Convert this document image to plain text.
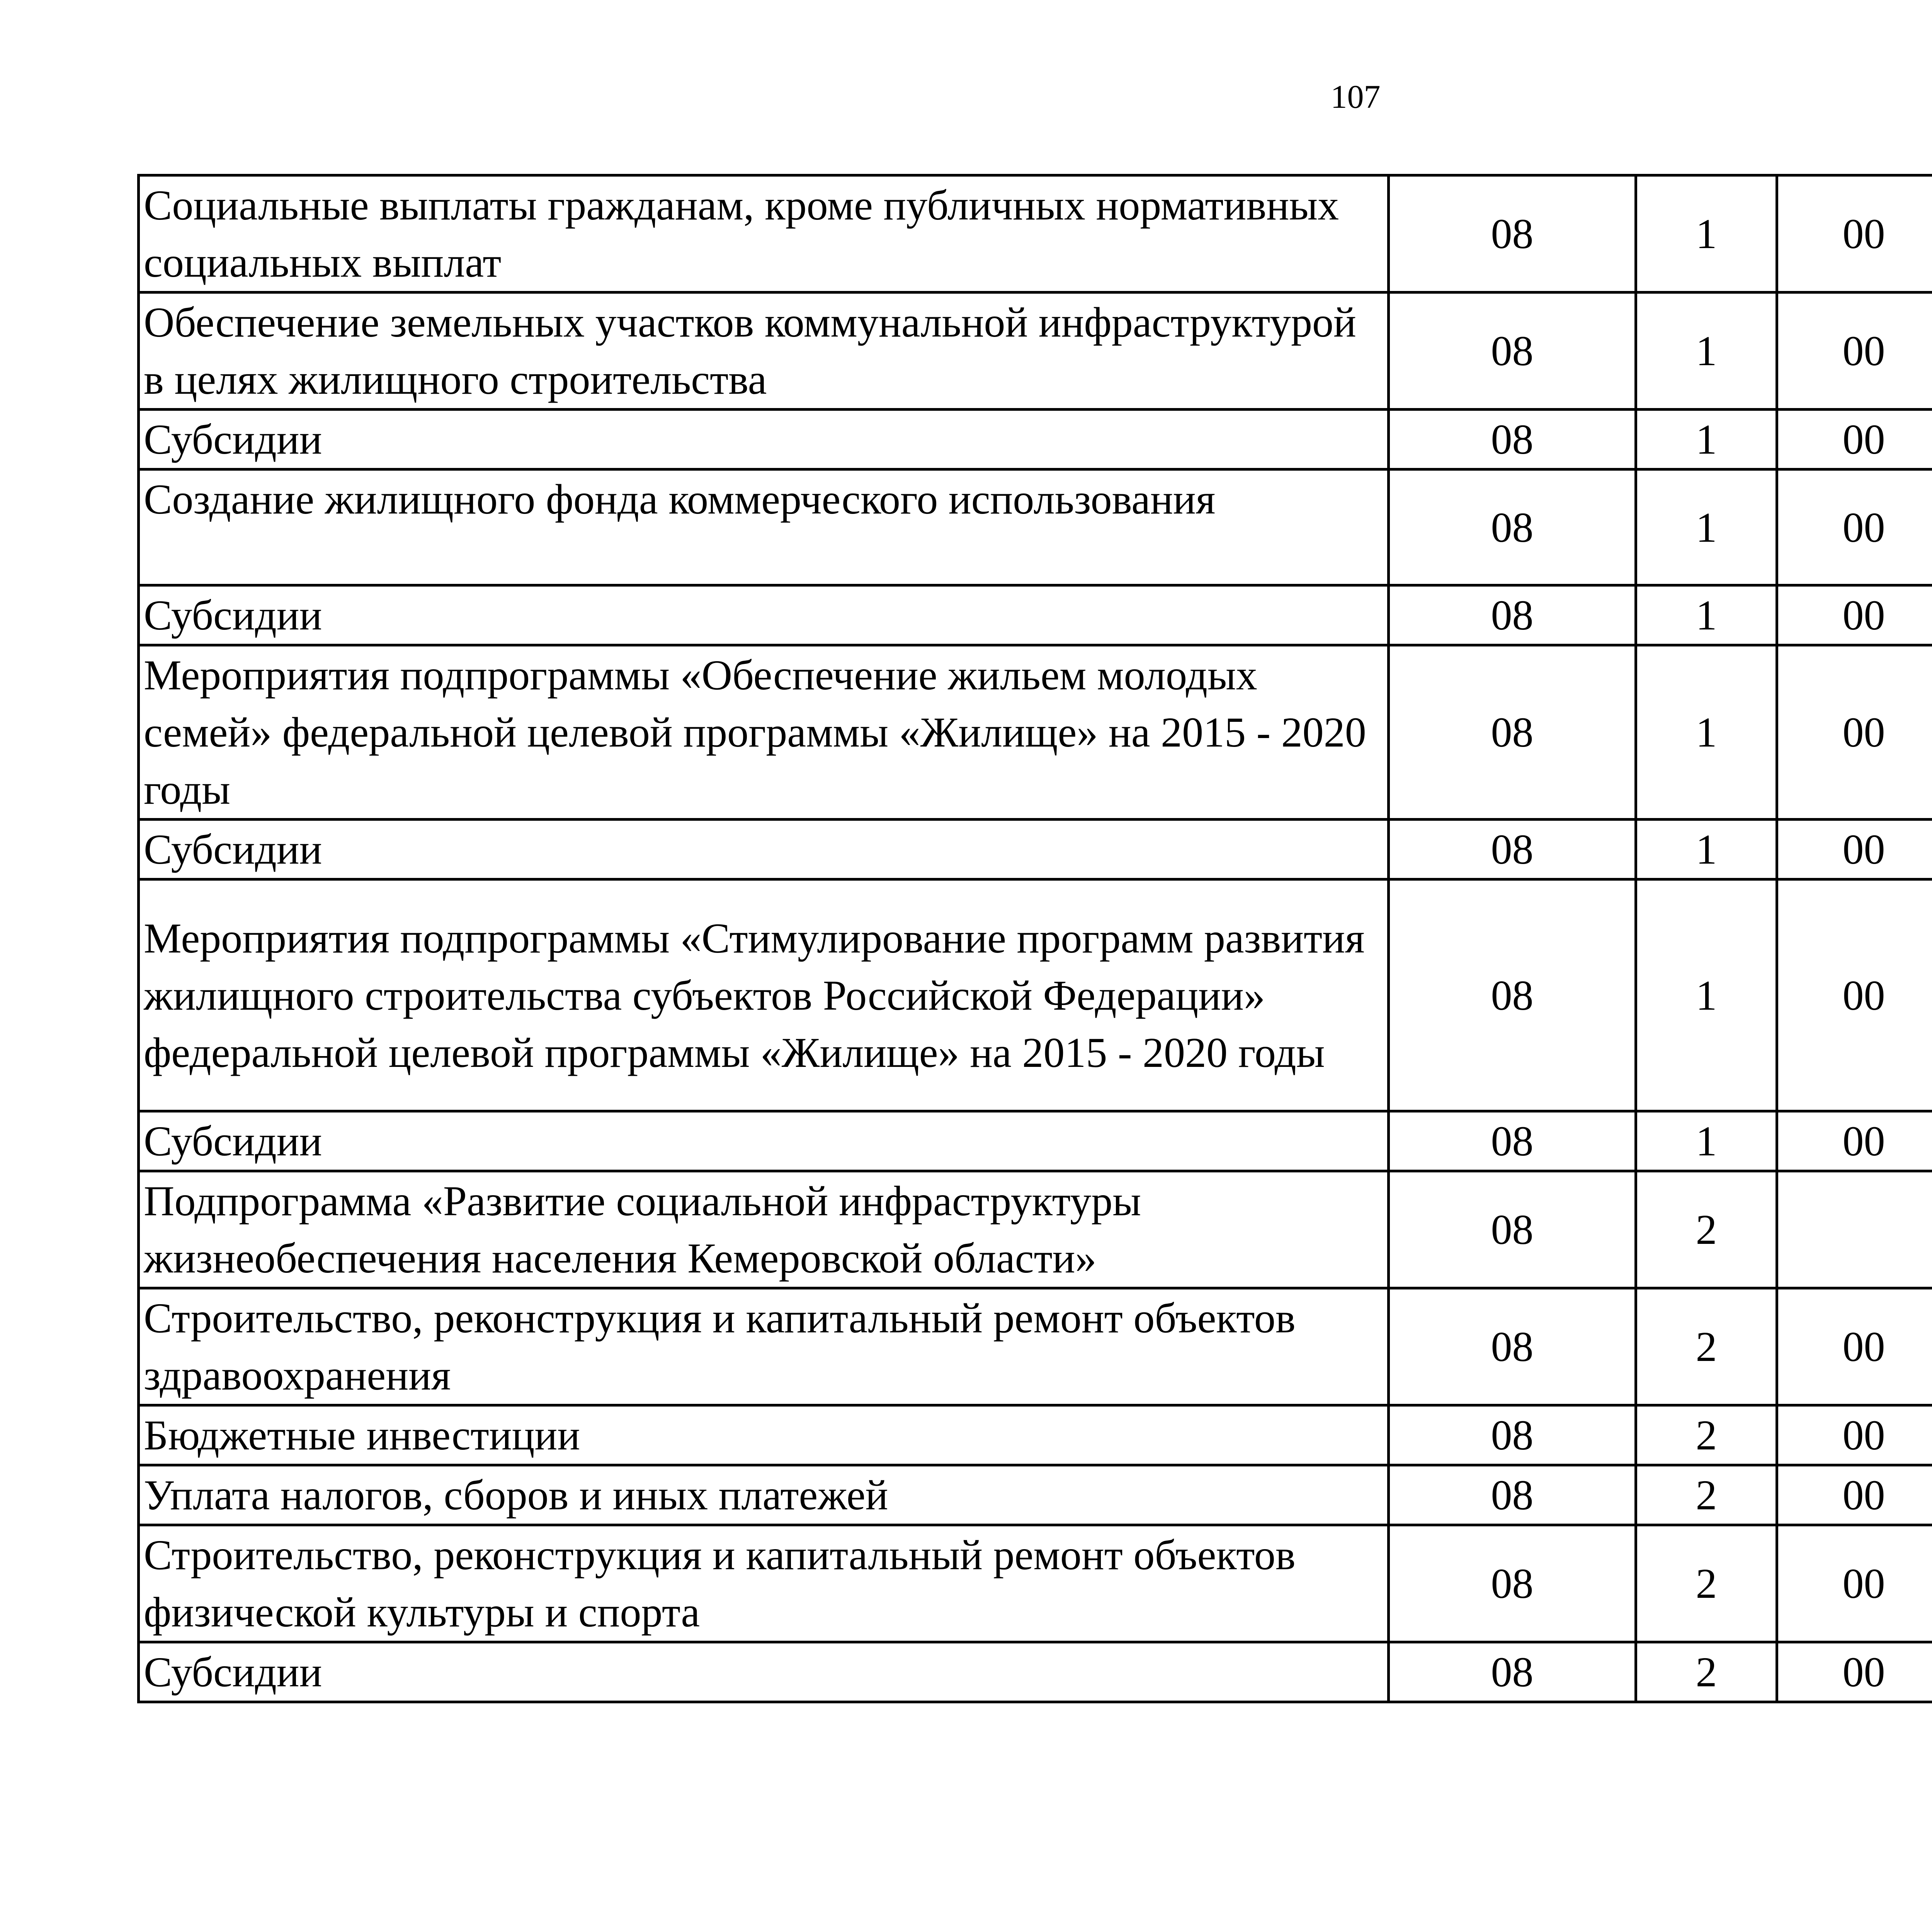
107
Социальные выплаты гражданам, кроме публичных нормативных социальных выплат	08	1	00			
Обеспечение земельных участков коммунальной инфраструктурой в целях жилищного строительства	08	1	00			
Субсидии	08	1	00			
Создание жилищного фонда коммерческого использования	08	1	00			
Субсидии	08	1	00			
Мероприятия подпрограммы «Обеспечение жильем молодых семей» федеральной целевой программы «Жилище» на 2015 - 2020 годы	08	1	00			
Субсидии	08	1	00			
Мероприятия подпрограммы «Стимулирование программ развития жилищного строительства субъектов Российской Федерации» федеральной целевой программы «Жилище» на 2015 - 2020 годы	08	1	00			
Субсидии	08	1	00			
Подпрограмма «Развитие социальной инфраструктуры жизнеобеспечения населения Кемеровской области»	08	2				
Строительство, реконструкция и капитальный ремонт объектов здравоохранения	08	2	00			
Бюджетные инвестиции	08	2	00			
Уплата налогов, сборов и иных платежей	08	2	00			
Строительство, реконструкция и капитальный ремонт объектов физической культуры и спорта	08	2	00			
Субсидии	08	2	00			
